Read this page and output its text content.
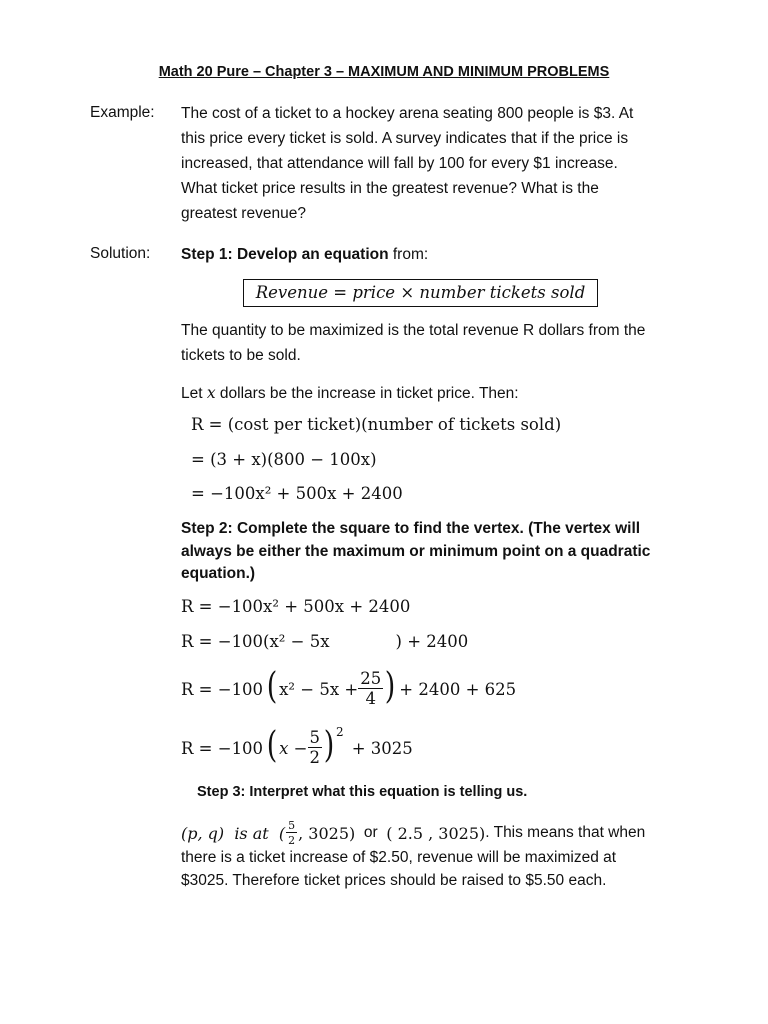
Math 20 Pure – Chapter 3 – MAXIMUM AND MINIMUM PROBLEMS
Example: The cost of a ticket to a hockey arena seating 800 people is $3. At
this price every ticket is sold. A survey indicates that if the price is
increased, that attendance will fall by 100 for every $1 increase.
What ticket price results in the greatest revenue? What is the
greatest revenue?
Solution: Step 1: Develop an equation from:
Revenue = price × number tickets sold
The quantity to be maximized is the total revenue R dollars from the
tickets to be sold.
Let x dollars be the increase in ticket price. Then:
R = (cost per ticket)(number of tickets sold)
= (3 + x)(800 − 100x)
= −100x² + 500x + 2400
Step 2: Complete the square to find the vertex. (The vertex will
always be either the maximum or minimum point on a quadratic
equation.)
R = −100x² + 500x + 2400
R = −100(x² − 5x	) + 2400
R = −100 ( $x^2 - 5x + \frac{25}{4}$ ) + 2400 + 625
R = −100 ( $x - \frac{5}{2}$ ) 2
+ 3025
Step 3: Interpret what this equation is telling us.
(p, q) is at  ( $\frac{5}{2}$ , 3025) or ( 2.5 , 3025) . This means that when
there is a ticket increase of $2.50, revenue will be maximized at
$3025. Therefore ticket prices should be raised to $5.50 each.
